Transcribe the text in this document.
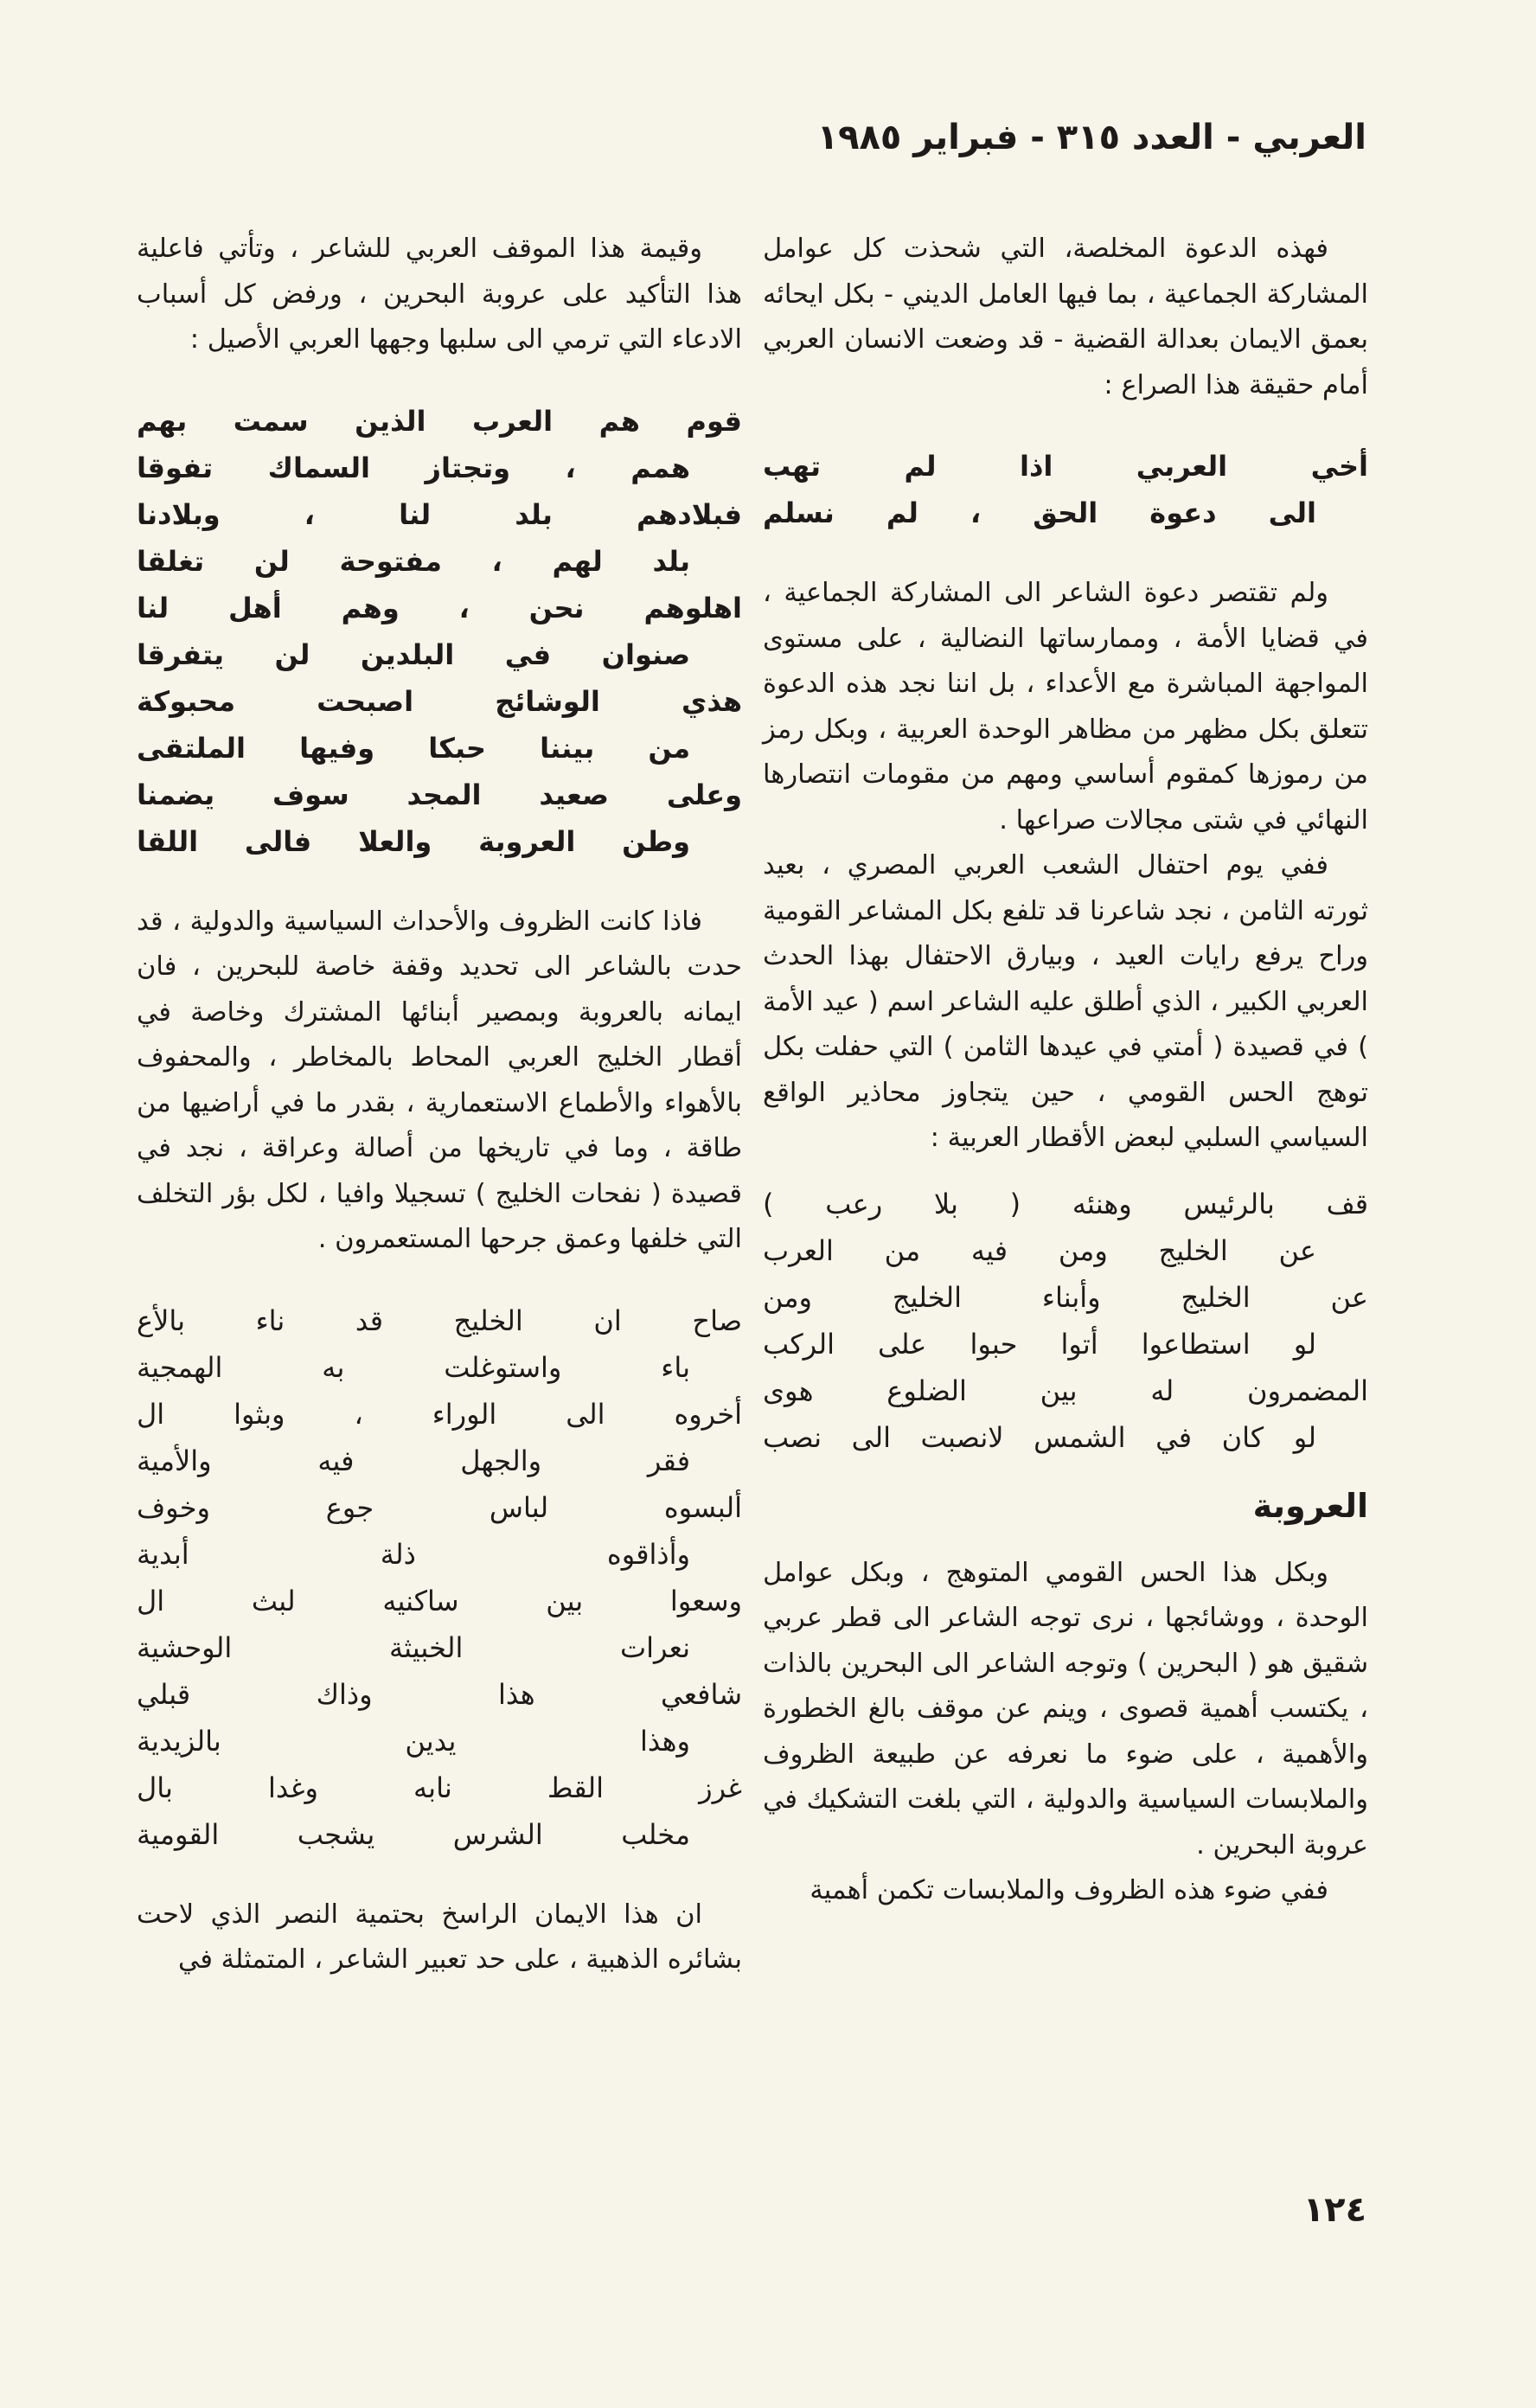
العربي - العدد ٣١٥ - فبراير ١٩٨٥

فهذه الدعوة المخلصة، التي شحذت كل عوامل المشاركة الجماعية ، بما فيها العامل الديني - بكل ايحائه بعمق الايمان بعدالة القضية - قد وضعت الانسان العربي أمام حقيقة هذا الصراع :

أخي العربي اذا لم تهب
الى دعوة الحق ، لم نسلم

ولم تقتصر دعوة الشاعر الى المشاركة الجماعية ، في قضايا الأمة ، وممارساتها النضالية ، على مستوى المواجهة المباشرة مع الأعداء ، بل اننا نجد هذه الدعوة تتعلق بكل مظهر من مظاهر الوحدة العربية ، وبكل رمز من رموزها كمقوم أساسي ومهم من مقومات انتصارها النهائي في شتى مجالات صراعها .

ففي يوم احتفال الشعب العربي المصري ، بعيد ثورته الثامن ، نجد شاعرنا قد تلفع بكل المشاعر القومية وراح يرفع رايات العيد ، وبيارق الاحتفال بهذا الحدث العربي الكبير ، الذي أطلق عليه الشاعر اسم ( عيد الأمة ) في قصيدة ( أمتي في عيدها الثامن ) التي حفلت بكل توهج الحس القومي ، حين يتجاوز محاذير الواقع السياسي السلبي لبعض الأقطار العربية :

قف بالرئيس وهنئه ( بلا رعب )
عن الخليج ومن فيه من العرب
عن الخليج وأبناء الخليج ومن
لو استطاعوا أتوا حبوا على الركب
المضمرون له بين الضلوع هوى
لو كان في الشمس لانصبت الى نصب
العروبة

وبكل هذا الحس القومي المتوهج ، وبكل عوامل الوحدة ، ووشائجها ، نرى توجه الشاعر الى قطر عربي شقيق هو ( البحرين ) وتوجه الشاعر الى البحرين بالذات ، يكتسب أهمية قصوى ، وينم عن موقف بالغ الخطورة والأهمية ، على ضوء ما نعرفه عن طبيعة الظروف والملابسات السياسية والدولية ، التي بلغت التشكيك في عروبة البحرين .

ففي ضوء هذه الظروف والملابسات تكمن أهمية

وقيمة هذا الموقف العربي للشاعر ، وتأتي فاعلية هذا التأكيد على عروبة البحرين ، ورفض كل أسباب الادعاء التي ترمي الى سلبها وجهها العربي الأصيل :

قوم هم العرب الذين سمت بهم
همم ، وتجتاز السماك تفوقا
فبلادهم بلد لنا ، وبلادنا
بلد لهم ، مفتوحة لن تغلقا
اهلوهم نحن ، وهم أهل لنا
صنوان في البلدين لن يتفرقا
هذي الوشائج اصبحت محبوكة
من بيننا حبكا وفيها الملتقى
وعلى صعيد المجد سوف يضمنا
وطن العروبة والعلا فالى اللقا

فاذا كانت الظروف والأحداث السياسية والدولية ، قد حدت بالشاعر الى تحديد وقفة خاصة للبحرين ، فان ايمانه بالعروبة وبمصير أبنائها المشترك وخاصة في أقطار الخليج العربي المحاط بالمخاطر ، والمحفوف بالأهواء والأطماع الاستعمارية ، بقدر ما في أراضيها من طاقة ، وما في تاريخها من أصالة وعراقة ، نجد في قصيدة ( نفحات الخليج ) تسجيلا وافيا ، لكل بؤر التخلف التي خلفها وعمق جرحها المستعمرون .

صاح ان الخليج قد ناء بالأع
باء واستوغلت به الهمجية
أخروه الى الوراء ، وبثوا ال
فقر والجهل فيه والأمية
ألبسوه لباس جوع وخوف
وأذاقوه ذلة أبدية
وسعوا بين ساكنيه لبث ال
نعرات الخبيثة الوحشية
شافعي هذا وذاك قبلي
وهذا يدين بالزيدية
غرز القط نابه وغدا بال
مخلب الشرس يشجب القومية

ان هذا الايمان الراسخ بحتمية النصر الذي لاحت بشائره الذهبية ، على حد تعبير الشاعر ، المتمثلة في

١٢٤
